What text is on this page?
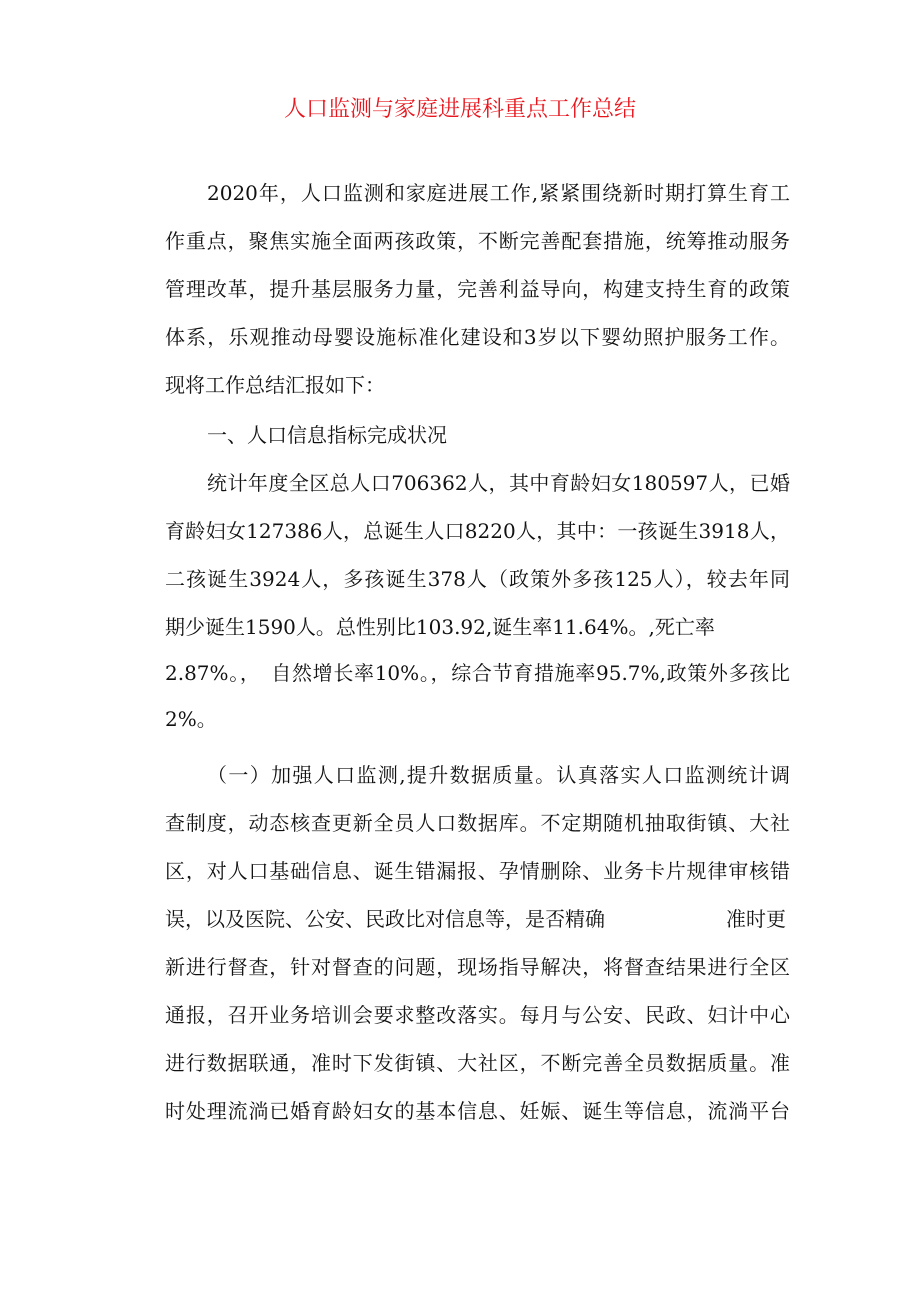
人口监测与家庭进展科重点工作总结
2020年，人口监测和家庭进展工作,紧紧围绕新时期打算生育工
作重点，聚焦实施全面两孩政策，不断完善配套措施，统筹推动服务
管理改革，提升基层服务力量，完善利益导向，构建支持生育的政策
体系，乐观推动母婴设施标准化建设和3岁以下婴幼照护服务工作。
现将工作总结汇报如下：
一、人口信息指标完成状况
统计年度全区总人口706362人，其中育龄妇女180597人，已婚
育龄妇女127386人，总诞生人口8220人，其中：一孩诞生3918人，
二孩诞生3924人，多孩诞生378人（政策外多孩125人），较去年同
期少诞生1590人。总性别比103.92,诞生率11.64%。,死亡率
2.87%。，　自然增长率10%。，综合节育措施率95.7%,政策外多孩比
2%。
（一）加强人口监测,提升数据质量。认真落实人口监测统计调
查制度，动态核查更新全员人口数据库。不定期随机抽取街镇、大社
区，对人口基础信息、诞生错漏报、孕情删除、业务卡片规律审核错
误，以及医院、公安、民政比对信息等，是否精确	准时更
新进行督查，针对督查的问题，现场指导解决，将督查结果进行全区
通报，召开业务培训会要求整改落实。每月与公安、民政、妇计中心
进行数据联通，准时下发街镇、大社区，不断完善全员数据质量。准
时处理流淌已婚育龄妇女的基本信息、妊娠、诞生等信息，流淌平台
